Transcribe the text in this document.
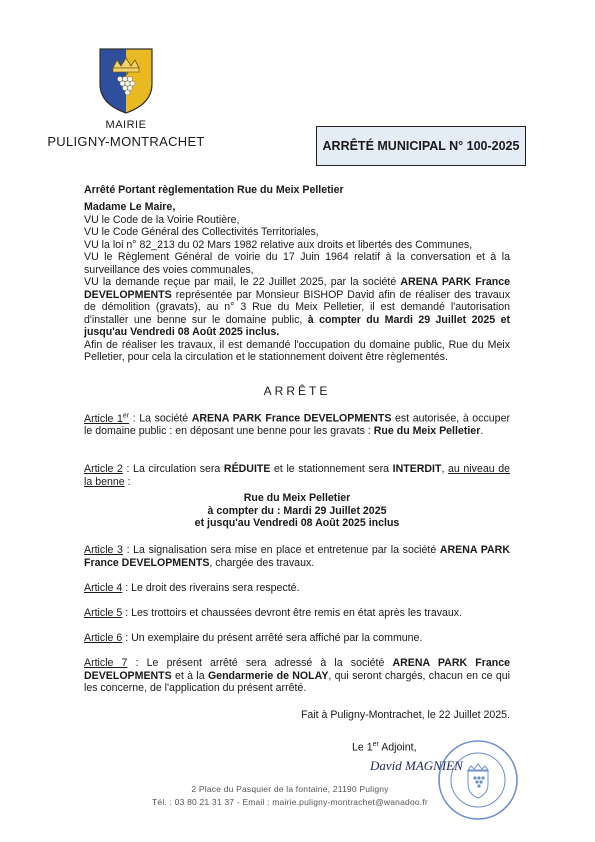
MAIRIE
PULIGNY-MONTRACHET	ARRÊTÉ MUNICIPAL N° 100-2025
Arrêté Portant règlementation Rue du Meix Pelletier
Madame Le Maire,
VU le Code de la Voirie Routière,
VU le Code Général des Collectivités Territoriales,
VU la loi n° 82_213 du 02 Mars 1982 relative aux droits et libertés des Communes,
VU le Règlement Général de voirie du 17 Juin 1964 relatif à la conversation et à la surveillance des voies communales,
VU la demande reçue par mail, le 22 Juillet 2025, par la société ARENA PARK France DEVELOPMENTS représentée par Monsieur BISHOP David afin de réaliser des travaux de démolition (gravats), au n° 3 Rue du Meix Pelletier, il est demandé l'autorisation d'installer une benne sur le domaine public, à compter du Mardi 29 Juillet 2025 et jusqu'au Vendredi 08 Août 2025 inclus.
Afin de réaliser les travaux, il est demandé l'occupation du domaine public, Rue du Meix Pelletier, pour cela la circulation et le stationnement doivent être règlementés.
ARRÊTE
Article 1er : La société ARENA PARK France DEVELOPMENTS est autorisée, à occuper le domaine public : en déposant une benne pour les gravats : Rue du Meix Pelletier.
Article 2 : La circulation sera RÉDUITE et le stationnement sera INTERDIT, au niveau de la benne :
Rue du Meix Pelletier
à compter du : Mardi 29 Juillet 2025
et jusqu'au Vendredi 08 Août 2025 inclus
Article 3 : La signalisation sera mise en place et entretenue par la société ARENA PARK France DEVELOPMENTS, chargée des travaux.
Article 4 : Le droit des riverains sera respecté.
Article 5 : Les trottoirs et chaussées devront être remis en état après les travaux.
Article 6 : Un exemplaire du présent arrêté sera affiché par la commune.
Article 7 : Le présent arrêté sera adressé à la société ARENA PARK France DEVELOPMENTS et à la Gendarmerie de NOLAY, qui seront chargés, chacun en ce qui les concerne, de l'application du présent arrêté.
Fait à Puligny-Montrachet, le 22 Juillet 2025.
Le 1er Adjoint,
David MAGNIEN
2 Place du Pasquier de la fontaine, 21190 Puligny
Tél. : 03 80 21 31 37 - Email : mairie.puligny-montrachet@wanadoo.fr
